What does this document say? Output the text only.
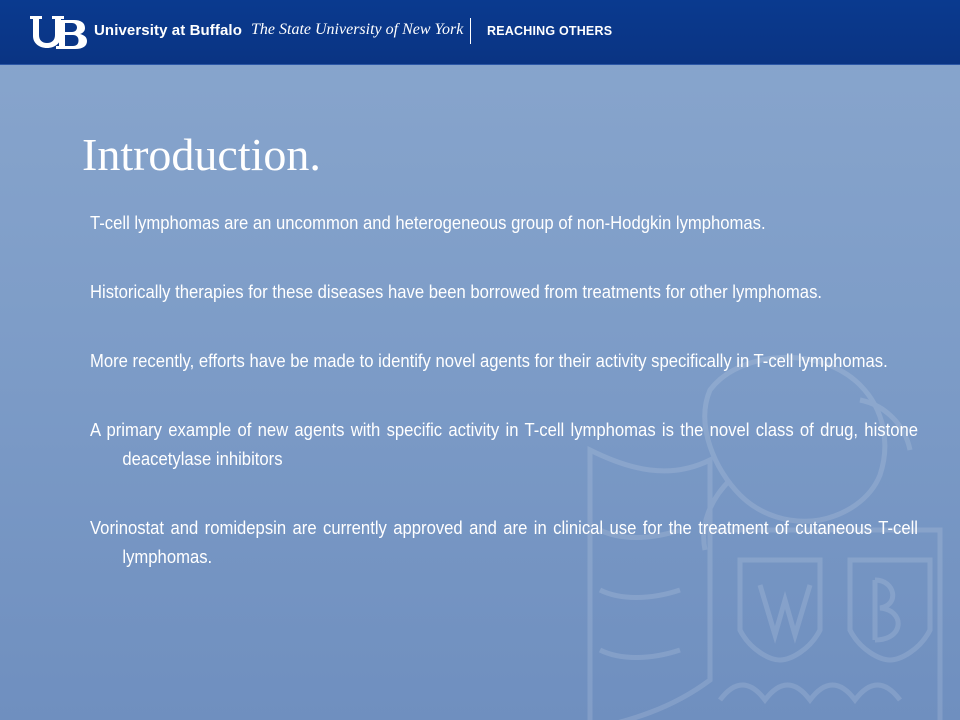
University at Buffalo The State University of New York REACHING OTHERS
Introduction.

T-cell lymphomas are an uncommon and heterogeneous group of non-Hodgkin lymphomas.

Historically therapies for these diseases have been borrowed from treatments for other lymphomas.

More recently, efforts have be made to identify novel agents for their activity specifically in T-cell lymphomas.

A primary example of new agents with specific activity in T-cell lymphomas is the novel class of drug, histone deacetylase inhibitors

Vorinostat and romidepsin are currently approved and are in clinical use for the treatment of cutaneous T-cell lymphomas.
